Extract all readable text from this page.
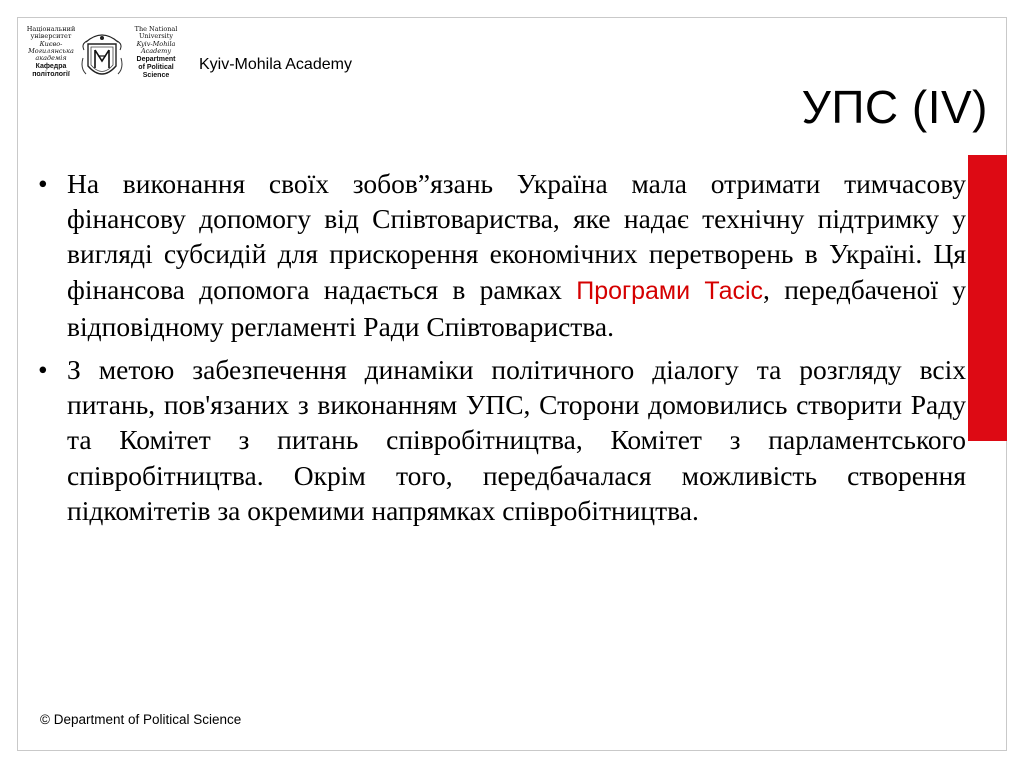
Національний
університет
Києво-
Могилянська
академія
Кафедра
політології
The National
University
Kyiv-Mohila
Academy
Department
of Political
Science
Kyiv-Mohila Academy
УПС (IV)
• На виконання своїх зобов”язань Україна мала отримати тимчасову фінансову допомогу від Співтовариства, яке надає технічну підтримку у вигляді субсидій для прискорення економічних перетворень в Україні. Ця фінансова допомога надається в рамках Програми Тасіс, передбаченої у відповідному регламенті Ради Співтовариства.
• З метою забезпечення динаміки політичного діалогу та розгляду всіх питань, пов'язаних з виконанням УПС, Сторони домовились створити Раду та Комітет з питань співробітництва, Комітет з парламентського співробітництва. Окрім того, передбачалася можливість створення підкомітетів за окремими напрямках співробітництва.
© Department of Political Science
